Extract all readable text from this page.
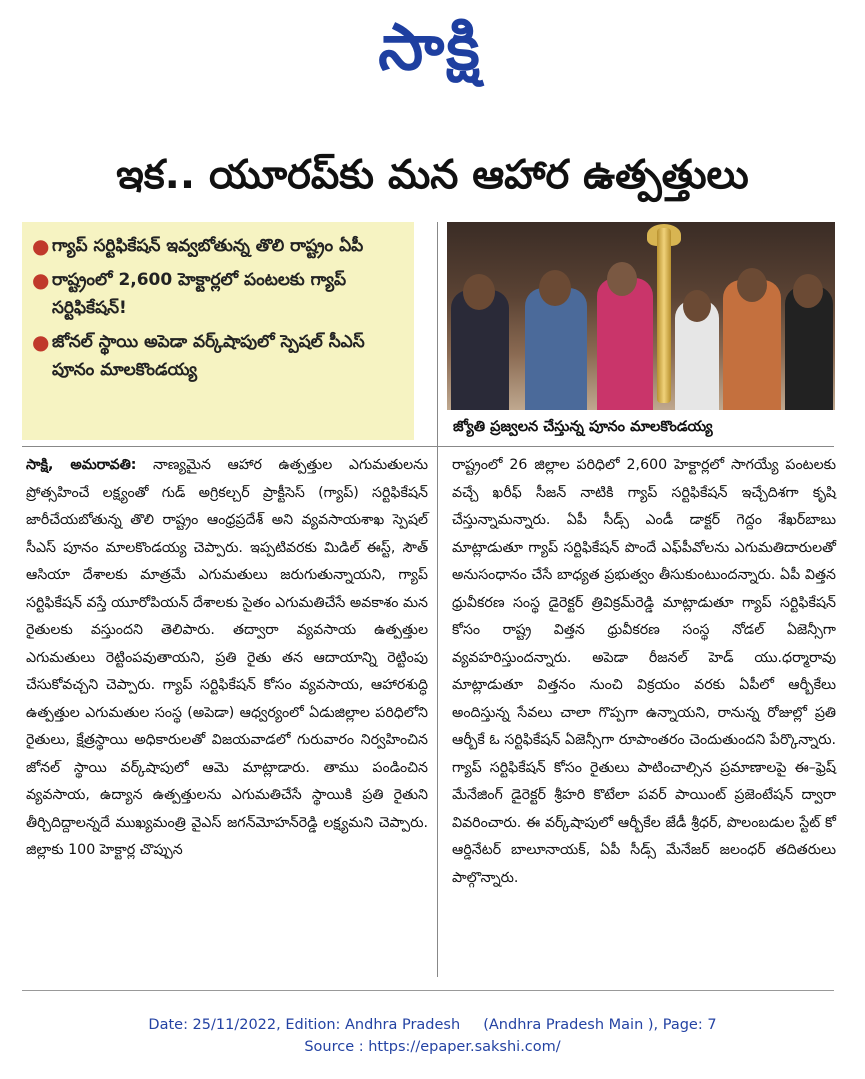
సాక్షి
ఇక.. యూరప్‌కు మన ఆహార ఉత్పత్తులు
● గ్యాప్ సర్టిఫికేషన్ ఇవ్వబోతున్న తొలి రాష్ట్రం ఏపీ
● రాష్ట్రంలో 2,600 హెక్టార్లలో పంటలకు గ్యాప్ సర్టిఫికేషన్!
● జోనల్ స్థాయి అపెడా వర్క్‌షాపులో స్పెషల్ సీఎస్ పూనం మాలకొండయ్య
జ్యోతి ప్రజ్వలన చేస్తున్న పూనం మాలకొండయ్య

సాక్షి, అమరావతి: నాణ్యమైన ఆహార ఉత్పత్తుల ఎగుమతులను ప్రోత్సహించే లక్ష్యంతో గుడ్ అగ్రికల్చర్ ప్రాక్టీసెస్ (గ్యాప్) సర్టిఫికేషన్ జారీచేయబోతున్న తొలి రాష్ట్రం ఆంధ్రప్రదేశ్ అని వ్యవసాయశాఖ స్పెషల్ సీఎస్ పూనం మాలకొండయ్య చెప్పారు. ఇప్పటివరకు మిడిల్ ఈస్ట్, సౌత్ ఆసియా దేశాలకు మాత్రమే ఎగుమతులు జరుగుతున్నాయని, గ్యాప్ సర్టిఫికేషన్ వస్తే యూరోపియన్ దేశాలకు సైతం ఎగుమతిచేసే అవకాశం మన రైతులకు వస్తుందని తెలిపారు. తద్వారా వ్యవసాయ ఉత్పత్తుల ఎగుమతులు రెట్టింపవుతాయని, ప్రతి రైతు తన ఆదాయాన్ని రెట్టింపు చేసుకోవచ్చని చెప్పారు. గ్యాప్ సర్టిఫికేషన్ కోసం వ్యవసాయ, ఆహారశుద్ధి ఉత్పత్తుల ఎగుమతుల సంస్థ (అపెడా) ఆధ్వర్యంలో ఏడుజిల్లాల పరిధిలోని రైతులు, క్షేత్రస్థాయి అధికారులతో విజయవాడలో గురువారం నిర్వహించిన జోనల్ స్థాయి వర్క్‌షాపులో ఆమె మాట్లాడారు. తాము పండించిన వ్యవసాయ, ఉద్యాన ఉత్పత్తులను ఎగుమతిచేసే స్థాయికి ప్రతి రైతుని తీర్చిదిద్దాలన్నదే ముఖ్యమంత్రి వైఎస్ జగన్‌మోహన్‌రెడ్డి లక్ష్యమని చెప్పారు. జిల్లాకు 100 హెక్టార్ల చొప్పున

రాష్ట్రంలో 26 జిల్లాల పరిధిలో 2,600 హెక్టార్లలో సాగయ్యే పంటలకు వచ్చే ఖరీఫ్ సీజన్ నాటికి గ్యాప్ సర్టిఫికేషన్ ఇచ్చేదిశగా కృషి చేస్తున్నామన్నారు. ఏపీ సీడ్స్ ఎండీ డాక్టర్ గెద్దం శేఖర్‌బాబు మాట్లాడుతూ గ్యాప్ సర్టిఫికేషన్ పొందే ఎఫ్‌పీవోలను ఎగుమతిదారులతో అనుసంధానం చేసే బాధ్యత ప్రభుత్వం తీసుకుంటుందన్నారు. ఏపీ విత్తన ధ్రువీకరణ సంస్థ డైరెక్టర్ త్రివిక్రమ్‌రెడ్డి మాట్లాడుతూ గ్యాప్ సర్టిఫికేషన్ కోసం రాష్ట్ర విత్తన ధ్రువీకరణ సంస్థ నోడల్ ఏజెన్సీగా వ్యవహరిస్తుందన్నారు. అపెడా రీజనల్ హెడ్ యు.ధర్మారావు మాట్లాడుతూ విత్తనం నుంచి విక్రయం వరకు ఏపీలో ఆర్బీకేలు అందిస్తున్న సేవలు చాలా గొప్పగా ఉన్నాయని, రానున్న రోజుల్లో ప్రతి ఆర్బీకే ఓ సర్టిఫికేషన్ ఏజెన్సీగా రూపాంతరం చెందుతుందని పేర్కొన్నారు. గ్యాప్ సర్టిఫికేషన్ కోసం రైతులు పాటించాల్సిన ప్రమాణాలపై ఈ–ఫ్రెష్ మేనేజింగ్ డైరెక్టర్ శ్రీహరి కొటేలా పవర్ పాయింట్ ప్రజెంటేషన్ ద్వారా వివరించారు. ఈ వర్క్‌షాపులో ఆర్బీకేల జేడీ శ్రీధర్, పొలంబడుల స్టేట్ కో ఆర్డినేటర్ బాలూనాయక్, ఏపీ సీడ్స్ మేనేజర్ జలంధర్ తదితరులు పాల్గొన్నారు.

Date: 25/11/2022, Edition: Andhra Pradesh     (Andhra Pradesh Main ), Page: 7
Source : https://epaper.sakshi.com/
